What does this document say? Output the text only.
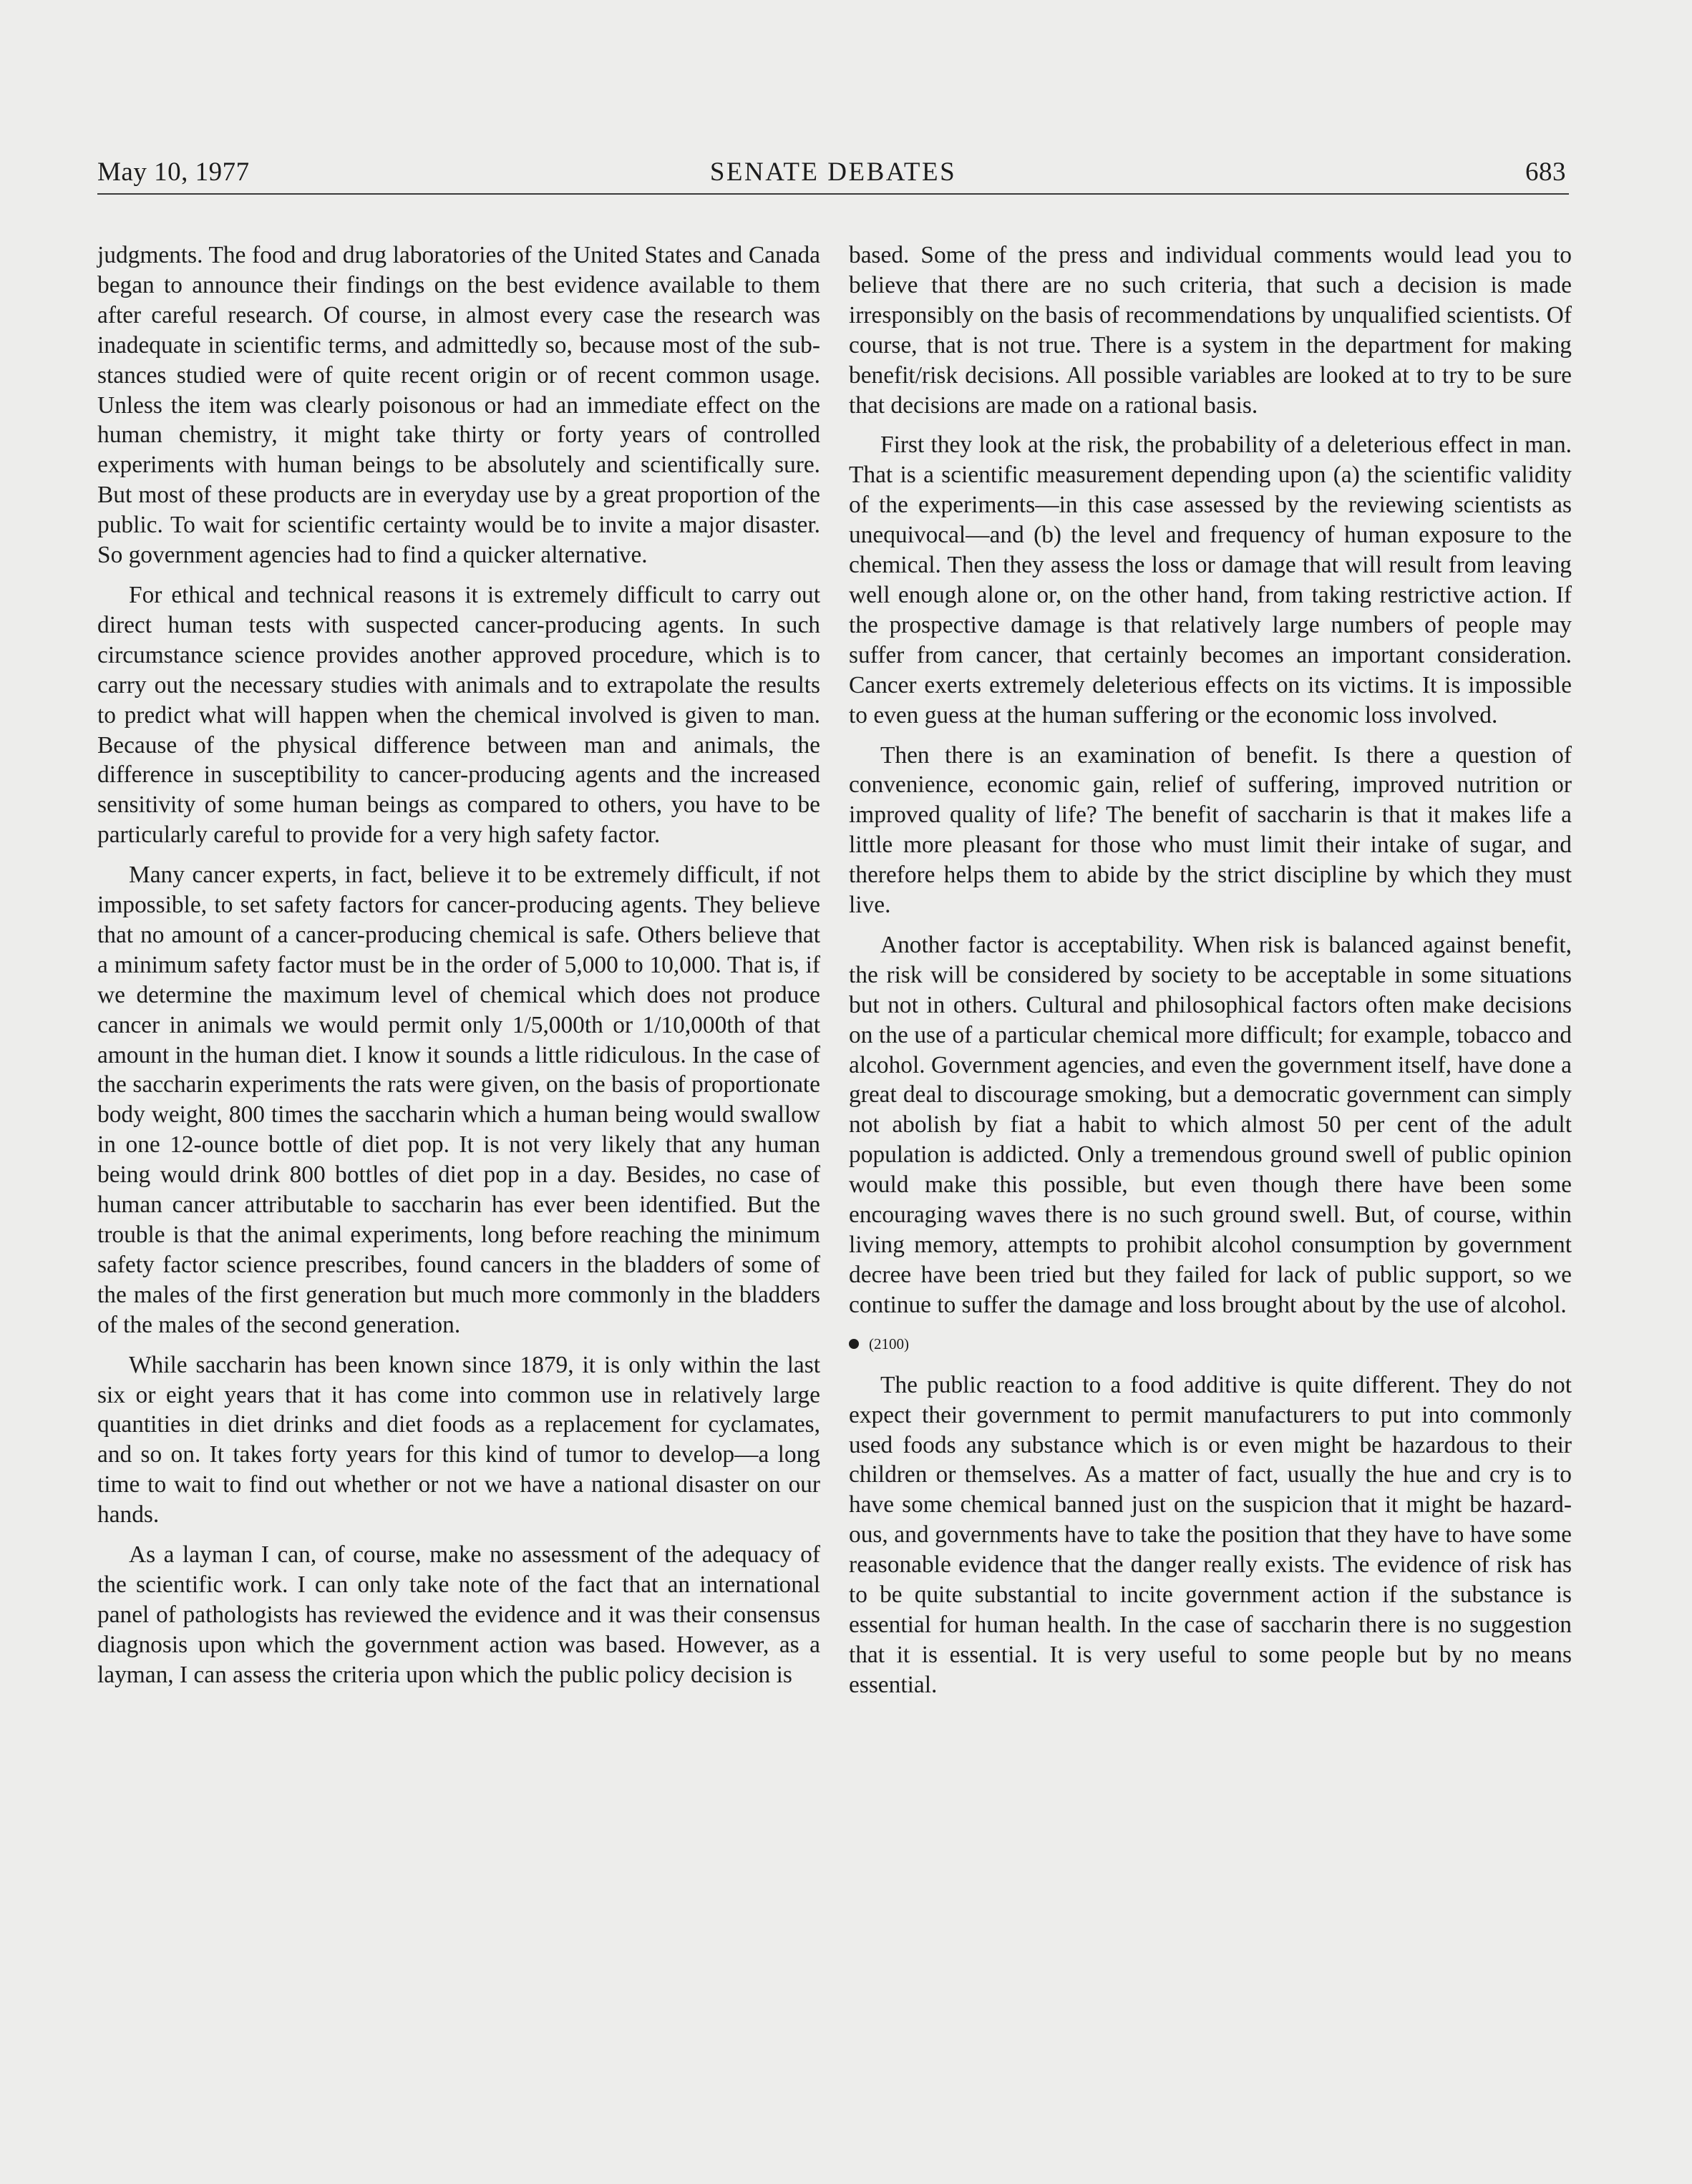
May 10, 1977	SENATE DEBATES	683

judgments. The food and drug laboratories of the United States and Canada began to announce their findings on the best evidence available to them after careful research. Of course, in almost every case the research was inadequate in scientific terms, and admittedly so, because most of the substances studied were of quite recent origin or of recent common usage. Unless the item was clearly poisonous or had an immediate effect on the human chemistry, it might take thirty or forty years of controlled experiments with human beings to be absolutely and scientifically sure. But most of these products are in everyday use by a great proportion of the public. To wait for scientific certainty would be to invite a major disaster. So government agencies had to find a quicker alternative.

For ethical and technical reasons it is extremely difficult to carry out direct human tests with suspected cancer-producing agents. In such circumstance science provides another approved procedure, which is to carry out the necessary studies with animals and to extrapolate the results to predict what will happen when the chemical involved is given to man. Because of the physical difference between man and animals, the difference in susceptibility to cancer-producing agents and the increased sensitivity of some human beings as compared to others, you have to be particularly careful to provide for a very high safety factor.

Many cancer experts, in fact, believe it to be extremely difficult, if not impossible, to set safety factors for cancer-producing agents. They believe that no amount of a cancer-producing chemical is safe. Others believe that a minimum safety factor must be in the order of 5,000 to 10,000. That is, if we determine the maximum level of chemical which does not produce cancer in animals we would permit only 1/5,000th or 1/10,000th of that amount in the human diet. I know it sounds a little ridiculous. In the case of the saccharin experiments the rats were given, on the basis of proportionate body weight, 800 times the saccharin which a human being would swallow in one 12-ounce bottle of diet pop. It is not very likely that any human being would drink 800 bottles of diet pop in a day. Besides, no case of human cancer attributable to saccharin has ever been identified. But the trouble is that the animal experiments, long before reaching the minimum safety factor science prescribes, found cancers in the bladders of some of the males of the first generation but much more commonly in the bladders of the males of the second generation.

While saccharin has been known since 1879, it is only within the last six or eight years that it has come into common use in relatively large quantities in diet drinks and diet foods as a replacement for cyclamates, and so on. It takes forty years for this kind of tumor to develop—a long time to wait to find out whether or not we have a national disaster on our hands.

As a layman I can, of course, make no assessment of the adequacy of the scientific work. I can only take note of the fact that an international panel of pathologists has reviewed the evidence and it was their consensus diagnosis upon which the government action was based. However, as a layman, I can assess the criteria upon which the public policy decision is

based. Some of the press and individual comments would lead you to believe that there are no such criteria, that such a decision is made irresponsibly on the basis of recommendations by unqualified scientists. Of course, that is not true. There is a system in the department for making benefit/risk decisions. All possible variables are looked at to try to be sure that decisions are made on a rational basis.

First they look at the risk, the probability of a deleterious effect in man. That is a scientific measurement depending upon (a) the scientific validity of the experiments—in this case assessed by the reviewing scientists as unequivocal—and (b) the level and frequency of human exposure to the chemical. Then they assess the loss or damage that will result from leaving well enough alone or, on the other hand, from taking restrictive action. If the prospective damage is that relatively large numbers of people may suffer from cancer, that certainly becomes an important consideration. Cancer exerts extremely deleterious effects on its victims. It is impossible to even guess at the human suffering or the economic loss involved.

Then there is an examination of benefit. Is there a question of convenience, economic gain, relief of suffering, improved nutrition or improved quality of life? The benefit of saccharin is that it makes life a little more pleasant for those who must limit their intake of sugar, and therefore helps them to abide by the strict discipline by which they must live.

Another factor is acceptability. When risk is balanced against benefit, the risk will be considered by society to be acceptable in some situations but not in others. Cultural and philosophical factors often make decisions on the use of a particular chemical more difficult; for example, tobacco and alcohol. Government agencies, and even the government itself, have done a great deal to discourage smoking, but a democratic government can simply not abolish by fiat a habit to which almost 50 per cent of the adult population is addicted. Only a tremendous ground swell of public opinion would make this possible, but even though there have been some encouraging waves there is no such ground swell. But, of course, within living memory, attempts to prohibit alcohol consumption by government decree have been tried but they failed for lack of public support, so we continue to suffer the damage and loss brought about by the use of alcohol.

(2100)

The public reaction to a food additive is quite different. They do not expect their government to permit manufacturers to put into commonly used foods any substance which is or even might be hazardous to their children or themselves. As a matter of fact, usually the hue and cry is to have some chemical banned just on the suspicion that it might be hazardous, and governments have to take the position that they have to have some reasonable evidence that the danger really exists. The evidence of risk has to be quite substantial to incite government action if the substance is essential for human health. In the case of saccharin there is no suggestion that it is essential. It is very useful to some people but by no means essential.
